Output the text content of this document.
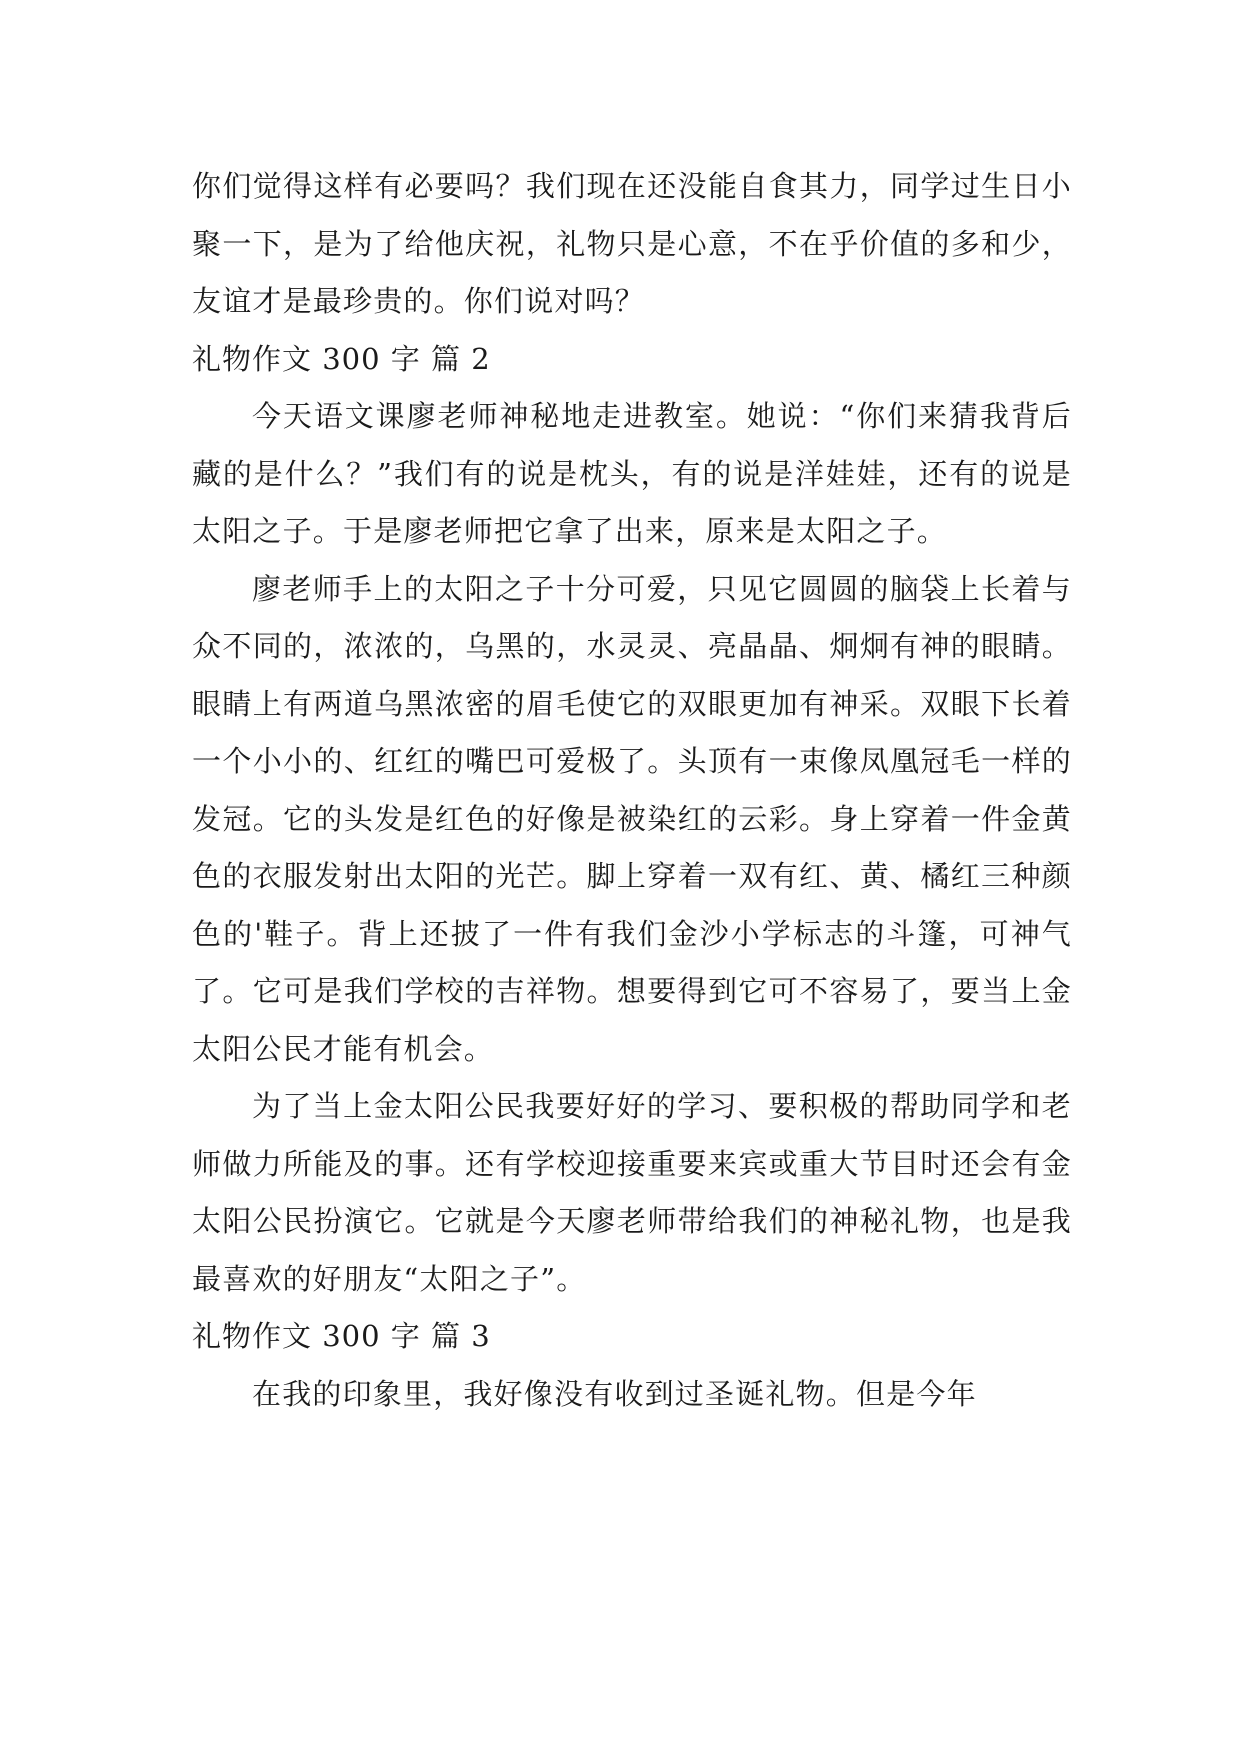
你们觉得这样有必要吗？我们现在还没能自食其力，同学过生日小聚一下，是为了给他庆祝，礼物只是心意，不在乎价值的多和少，友谊才是最珍贵的。你们说对吗？

礼物作文 300 字 篇 2

今天语文课廖老师神秘地走进教室。她说：“你们来猜我背后藏的是什么？”我们有的说是枕头，有的说是洋娃娃，还有的说是太阳之子。于是廖老师把它拿了出来，原来是太阳之子。

廖老师手上的太阳之子十分可爱，只见它圆圆的脑袋上长着与众不同的，浓浓的，乌黑的，水灵灵、亮晶晶、炯炯有神的眼睛。眼睛上有两道乌黑浓密的眉毛使它的双眼更加有神采。双眼下长着一个小小的、红红的嘴巴可爱极了。头顶有一束像凤凰冠毛一样的发冠。它的头发是红色的好像是被染红的云彩。身上穿着一件金黄色的衣服发射出太阳的光芒。脚上穿着一双有红、黄、橘红三种颜色的'鞋子。背上还披了一件有我们金沙小学标志的斗篷，可神气了。它可是我们学校的吉祥物。想要得到它可不容易了，要当上金太阳公民才能有机会。

为了当上金太阳公民我要好好的学习、要积极的帮助同学和老师做力所能及的事。还有学校迎接重要来宾或重大节目时还会有金太阳公民扮演它。它就是今天廖老师带给我们的神秘礼物，也是我最喜欢的好朋友“太阳之子”。

礼物作文 300 字 篇 3

在我的印象里，我好像没有收到过圣诞礼物。但是今年
